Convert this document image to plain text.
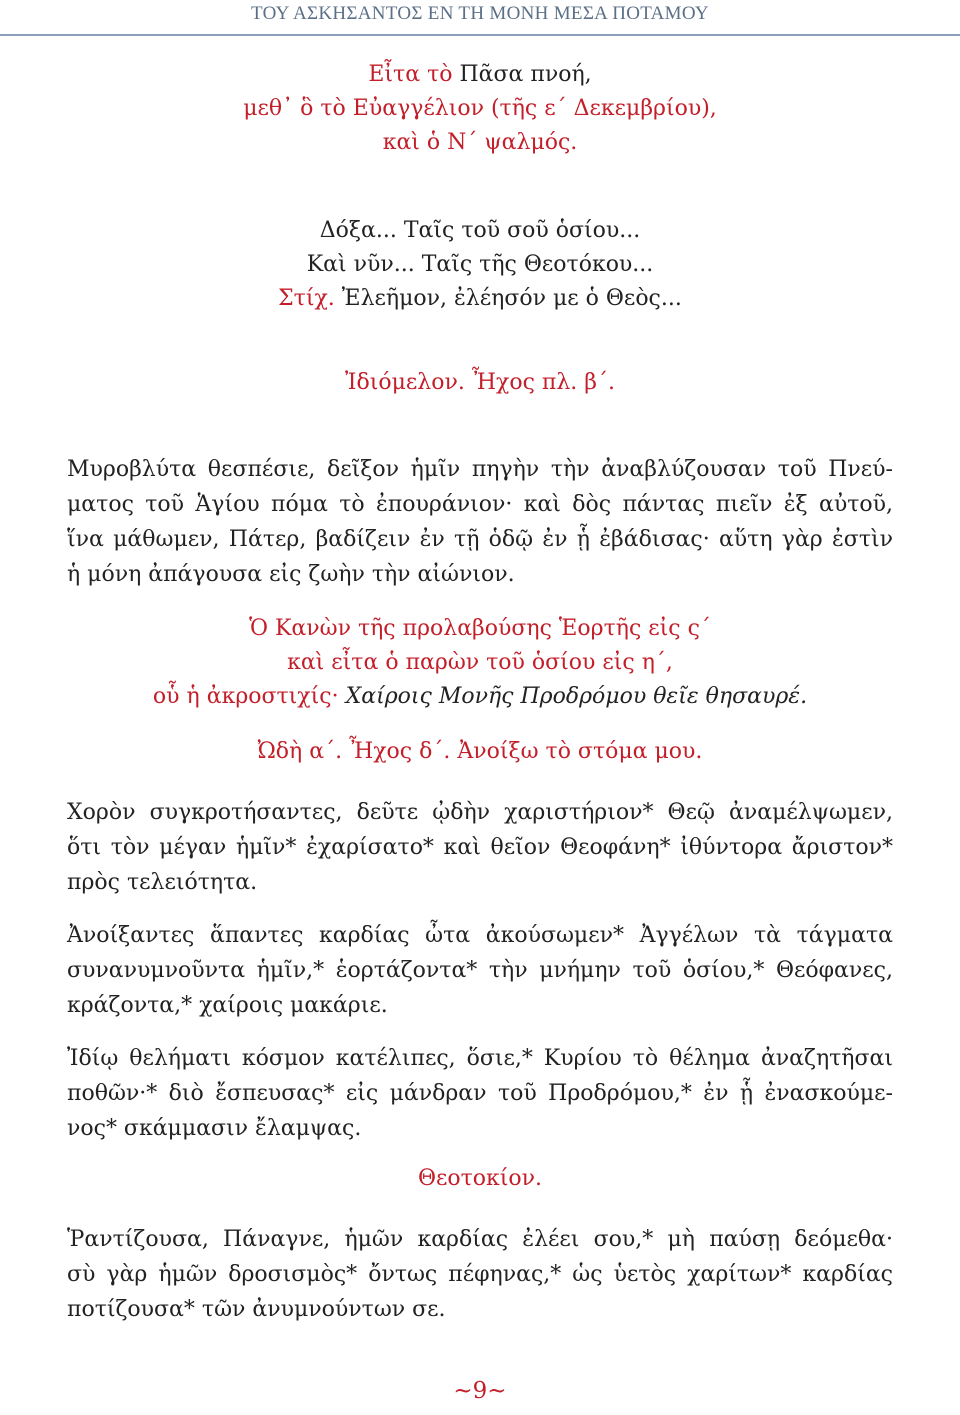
ΤΟΥ ΑΣΚΗΣΑΝΤΟΣ ΕΝ ΤΗ ΜΟΝΗ ΜΕΣΑ ΠΟΤΑΜΟΥ
Εἶτα τὸ Πᾶσα πνοή,
μεθ᾽ ὃ τὸ Εὐαγγέλιον (τῆς ε΄ Δεκεμβρίου),
καὶ ὁ Ν΄ ψαλμός.
Δόξα... Ταῖς τοῦ σοῦ ὁσίου...
Καὶ νῦν... Ταῖς τῆς Θεοτόκου...
Στίχ. Ἐλεῆμον, ἐλέησόν με ὁ Θεὸς...
Ἰδιόμελον. Ἦχος πλ. β΄.
Μυροβλύτα θεσπέσιε, δεῖξον ἡμῖν πηγὴν τὴν ἀναβλύζουσαν τοῦ Πνεύ-
ματος τοῦ Ἁγίου πόμα τὸ ἐπουράνιον· καὶ δὸς πάντας πιεῖν ἐξ αὐτοῦ,
ἵνα μάθωμεν, Πάτερ, βαδίζειν ἐν τῇ ὁδῷ ἐν ᾗ ἐβάδισας· αὕτη γὰρ ἐστὶν
ἡ μόνη ἀπάγουσα εἰς ζωὴν τὴν αἰώνιον.
Ὁ Κανὼν τῆς προλαβούσης Ἑορτῆς εἰς ς΄
καὶ εἶτα ὁ παρὼν τοῦ ὁσίου εἰς η΄,
οὗ ἡ ἀκροστιχίς· Χαίροις Μονῆς Προδρόμου θεῖε θησαυρέ.
Ὠδὴ α΄. Ἦχος δ΄. Ἀνοίξω τὸ στόμα μου.
Χορὸν συγκροτήσαντες, δεῦτε ᾠδὴν χαριστήριον* Θεῷ ἀναμέλψωμεν,
ὅτι τὸν μέγαν ἡμῖν* ἐχαρίσατο* καὶ θεῖον Θεοφάνη* ἰθύντορα ἄριστον*
πρὸς τελειότητα.
Ἀνοίξαντες ἅπαντες καρδίας ὦτα ἀκούσωμεν* Ἀγγέλων τὰ τάγματα
συνανυμνοῦντα ἡμῖν,* ἑορτάζοντα* τὴν μνήμην τοῦ ὁσίου,* Θεόφανες,
κράζοντα,* χαίροις μακάριε.
Ἰδίῳ θελήματι κόσμον κατέλιπες, ὅσιε,* Κυρίου τὸ θέλημα ἀναζητῆσαι
ποθῶν·* διὸ ἔσπευσας* εἰς μάνδραν τοῦ Προδρόμου,* ἐν ᾗ ἐνασκούμε-
νος* σκάμμασιν ἔλαμψας.
Θεοτοκίον.
Ῥαντίζουσα, Πάναγνε, ἡμῶν καρδίας ἐλέει σου,* μὴ παύσῃ δεόμεθα·
σὺ γὰρ ἡμῶν δροσισμὸς* ὄντως πέφηνας,* ὡς ὑετὸς χαρίτων* καρδίας
ποτίζουσα* τῶν ἀνυμνούντων σε.
~9~
